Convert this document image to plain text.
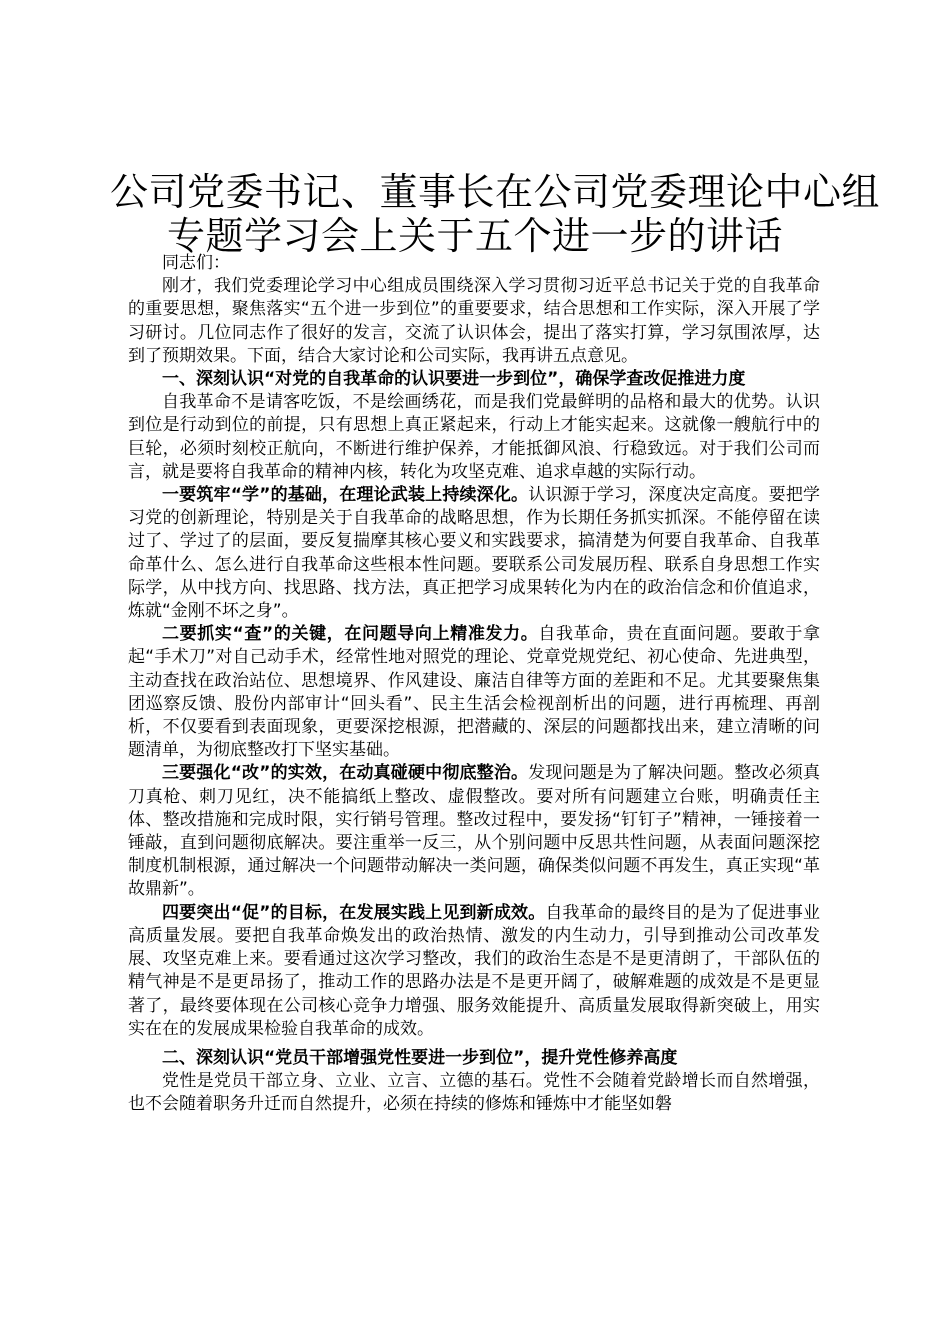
公司党委书记、董事长在公司党委理论中心组
专题学习会上关于五个进一步的讲话

同志们：

刚才，我们党委理论学习中心组成员围绕深入学习贯彻习近平总书记关于党的自我革命的重要思想，聚焦落实“五个进一步到位”的重要要求，结合思想和工作实际，深入开展了学习研讨。几位同志作了很好的发言，交流了认识体会，提出了落实打算，学习氛围浓厚，达到了预期效果。下面，结合大家讨论和公司实际，我再讲五点意见。

一、深刻认识“对党的自我革命的认识要进一步到位”，确保学查改促推进力度

自我革命不是请客吃饭，不是绘画绣花，而是我们党最鲜明的品格和最大的优势。认识到位是行动到位的前提，只有思想上真正紧起来，行动上才能实起来。这就像一艘航行中的巨轮，必须时刻校正航向，不断进行维护保养，才能抵御风浪、行稳致远。对于我们公司而言，就是要将自我革命的精神内核，转化为攻坚克难、追求卓越的实际行动。

一要筑牢“学”的基础，在理论武装上持续深化。认识源于学习，深度决定高度。要把学习党的创新理论，特别是关于自我革命的战略思想，作为长期任务抓实抓深。不能停留在读过了、学过了的层面，要反复揣摩其核心要义和实践要求，搞清楚为何要自我革命、自我革命革什么、怎么进行自我革命这些根本性问题。要联系公司发展历程、联系自身思想工作实际学，从中找方向、找思路、找方法，真正把学习成果转化为内在的政治信念和价值追求，炼就“金刚不坏之身”。

二要抓实“查”的关键，在问题导向上精准发力。自我革命，贵在直面问题。要敢于拿起“手术刀”对自己动手术，经常性地对照党的理论、党章党规党纪、初心使命、先进典型，主动查找在政治站位、思想境界、作风建设、廉洁自律等方面的差距和不足。尤其要聚焦集团巡察反馈、股份内部审计“回头看”、民主生活会检视剖析出的问题，进行再梳理、再剖析，不仅要看到表面现象，更要深挖根源，把潜藏的、深层的问题都找出来，建立清晰的问题清单，为彻底整改打下坚实基础。

三要强化“改”的实效，在动真碰硬中彻底整治。发现问题是为了解决问题。整改必须真刀真枪、刺刀见红，决不能搞纸上整改、虚假整改。要对所有问题建立台账，明确责任主体、整改措施和完成时限，实行销号管理。整改过程中，要发扬“钉钉子”精神，一锤接着一锤敲，直到问题彻底解决。要注重举一反三，从个别问题中反思共性问题，从表面问题深挖制度机制根源，通过解决一个问题带动解决一类问题，确保类似问题不再发生，真正实现“革故鼎新”。

四要突出“促”的目标，在发展实践上见到新成效。自我革命的最终目的是为了促进事业高质量发展。要把自我革命焕发出的政治热情、激发的内生动力，引导到推动公司改革发展、攻坚克难上来。要看通过这次学习整改，我们的政治生态是不是更清朗了，干部队伍的精气神是不是更昂扬了，推动工作的思路办法是不是更开阔了，破解难题的成效是不是更显著了，最终要体现在公司核心竞争力增强、服务效能提升、高质量发展取得新突破上，用实实在在的发展成果检验自我革命的成效。

二、深刻认识“党员干部增强党性要进一步到位”，提升党性修养高度

党性是党员干部立身、立业、立言、立德的基石。党性不会随着党龄增长而自然增强，也不会随着职务升迁而自然提升，必须在持续的修炼和锤炼中才能坚如磐
